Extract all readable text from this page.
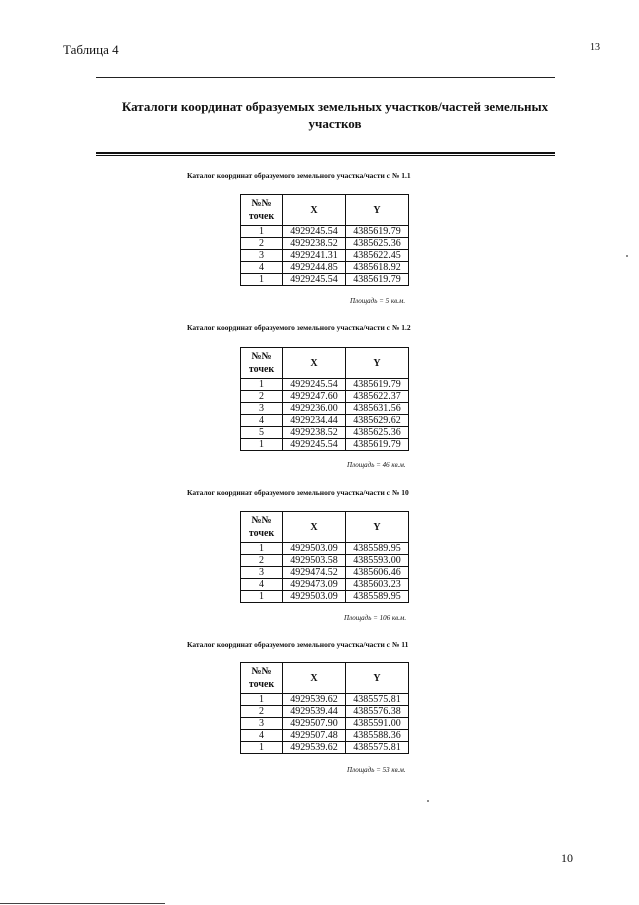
Таблица 4	13
Каталоги координат образуемых земельных участков/частей земельных участков
Каталог координат образуемого земельного участка/части с № 1.1
№№ точек	X	Y
1	4929245.54	4385619.79
2	4929238.52	4385625.36
3	4929241.31	4385622.45
4	4929244.85	4385618.92
1	4929245.54	4385619.79
Площадь = 5 кв.м.
Каталог координат образуемого земельного участка/части с № 1.2
№№ точек	X	Y
1	4929245.54	4385619.79
2	4929247.60	4385622.37
3	4929236.00	4385631.56
4	4929234.44	4385629.62
5	4929238.52	4385625.36
1	4929245.54	4385619.79
Площадь = 46 кв.м.
Каталог координат образуемого земельного участка/части с № 10
№№ точек	X	Y
1	4929503.09	4385589.95
2	4929503.58	4385593.00
3	4929474.52	4385606.46
4	4929473.09	4385603.23
1	4929503.09	4385589.95
Площадь = 106 кв.м.
Каталог координат образуемого земельного участка/части с № 11
№№ точек	X	Y
1	4929539.62	4385575.81
2	4929539.44	4385576.38
3	4929507.90	4385591.00
4	4929507.48	4385588.36
1	4929539.62	4385575.81
Площадь = 53 кв.м.
10
